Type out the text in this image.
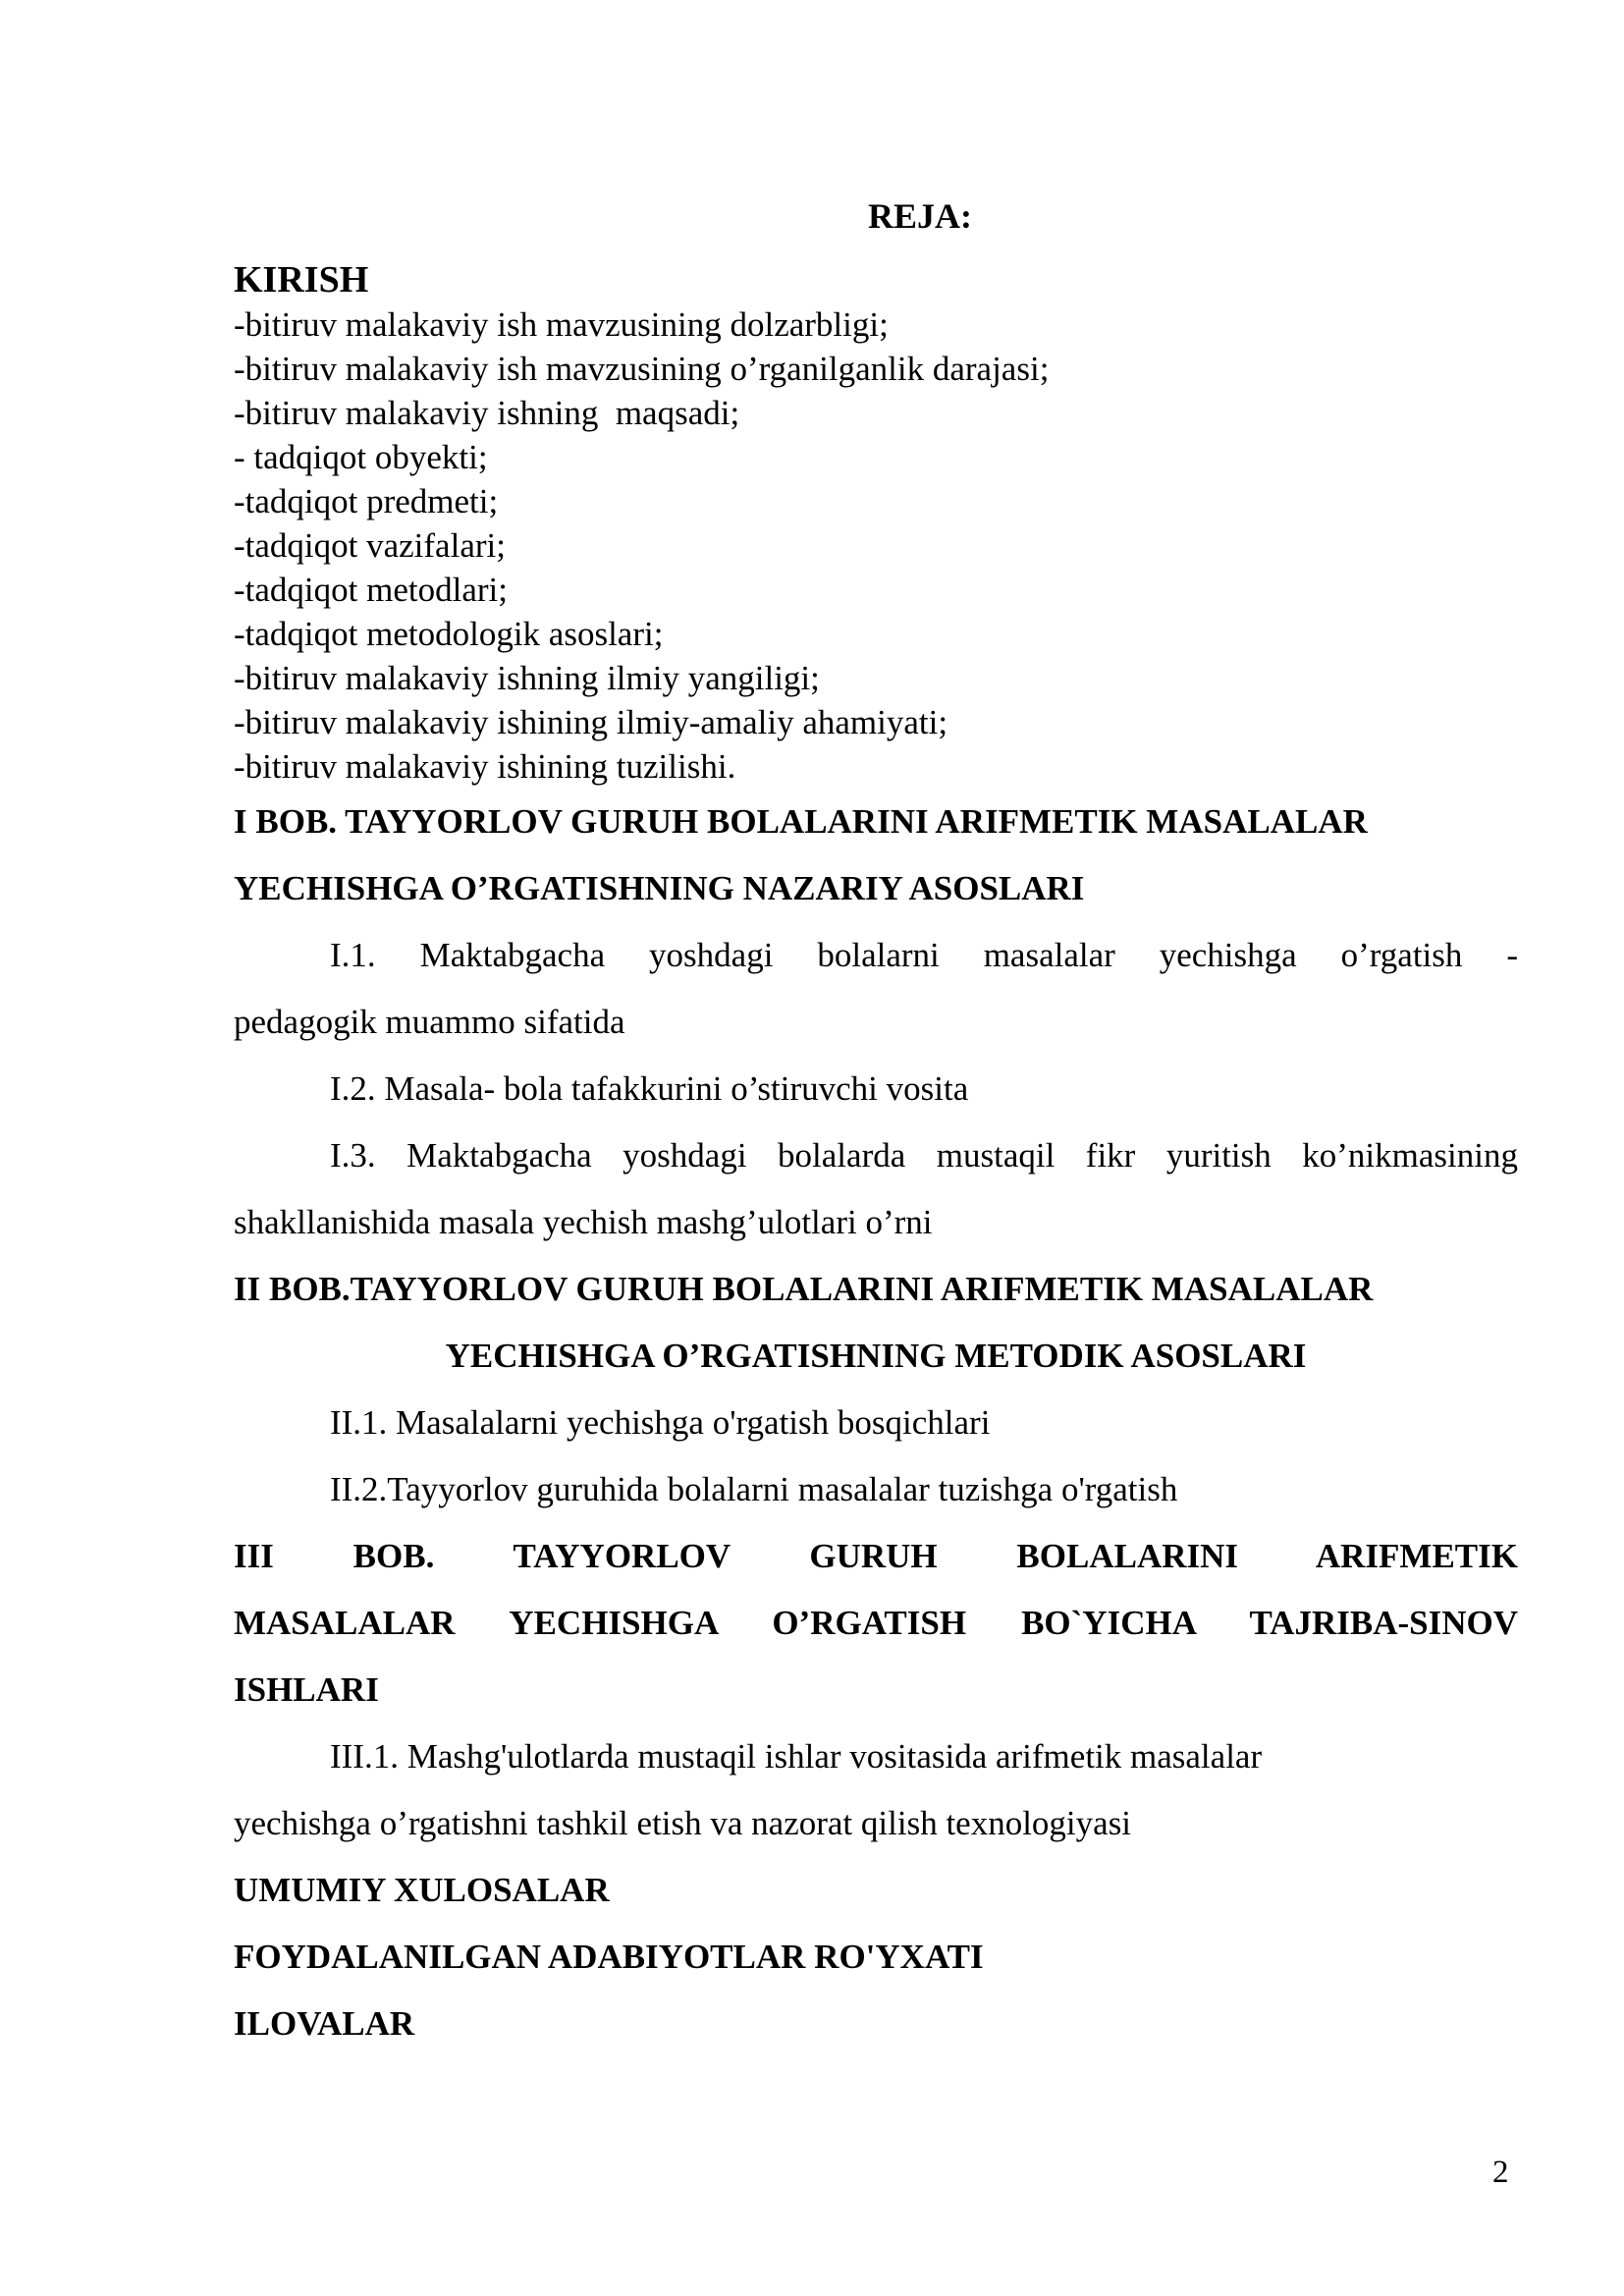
REJA:

KIRISH

-bitiruv malakaviy ish mavzusining dolzarbligi;

-bitiruv malakaviy ish mavzusining o’rganilganlik darajasi;

-bitiruv malakaviy ishning  maqsadi;

- tadqiqot obyekti;

-tadqiqot predmeti;

-tadqiqot vazifalari;

-tadqiqot metodlari;

-tadqiqot metodologik asoslari;

-bitiruv malakaviy ishning ilmiy yangiligi;

-bitiruv malakaviy ishining ilmiy-amaliy ahamiyati;

-bitiruv malakaviy ishining tuzilishi.

I BOB. TAYYORLOV GURUH BOLALARINI ARIFMETIK MASALALAR

YECHISHGA O’RGATISHNING NAZARIY ASOSLARI

I.1. Maktabgacha yoshdagi bolalarni masalalar yechishga o’rgatish -
pedagogik muammo sifatida

I.2. Masala- bola tafakkurini o’stiruvchi vosita

I.3. Maktabgacha yoshdagi bolalarda mustaqil fikr yuritish ko’nikmasining
shakllanishida masala yechish mashg’ulotlari o’rni

II BOB.TAYYORLOV GURUH BOLALARINI ARIFMETIK MASALALAR

YECHISHGA O’RGATISHNING METODIK ASOSLARI

II.1. Masalalarni yechishga o'rgatish bosqichlari

II.2.Tayyorlov guruhida bolalarni masalalar tuzishga o'rgatish

III BOB. TAYYORLOV GURUH BOLALARINI ARIFMETIK

MASALALAR YECHISHGA O’RGATISH BO`YICHA TAJRIBA-SINOV

ISHLARI

III.1. Mashg'ulotlarda mustaqil ishlar vositasida arifmetik masalalar
yechishga o’rgatishni tashkil etish va nazorat qilish texnologiyasi

UMUMIY XULOSALAR

FOYDALANILGAN ADABIYOTLAR RO'YXATI

ILOVALAR

2
